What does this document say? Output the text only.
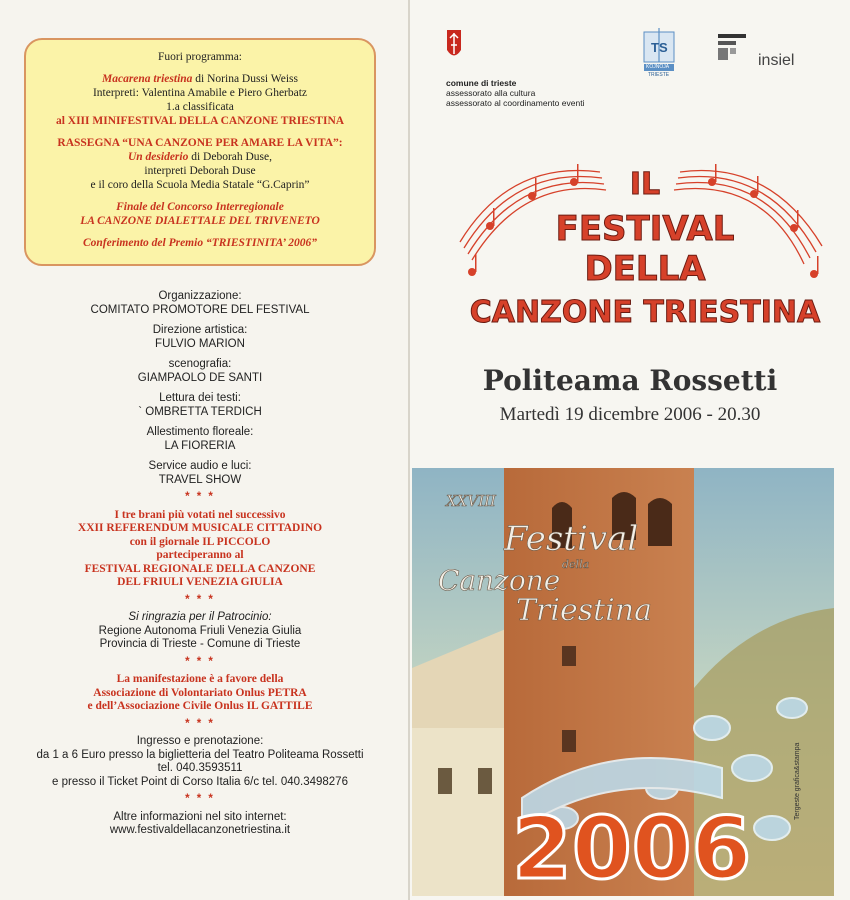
Fuori programma:
Macarena triestina di Norina Dussi Weiss
Interpreti: Valentina Amabile e Piero Gherbatz
1.a classificata
al XIII MINIFESTIVAL DELLA CANZONE TRIESTINA
RASSEGNA “UNA CANZONE PER AMARE LA VITA”:
Un desiderio di Deborah Duse,
interpreti Deborah Duse
e il coro della Scuola Media Statale “G.Caprin”
Finale del Concorso Interregionale
LA CANZONE DIALETTALE DEL TRIVENETO
Conferimento del Premio “TRIESTINITA’ 2006”
Organizzazione:
COMITATO PROMOTORE DEL FESTIVAL
Direzione artistica:
FULVIO MARION
scenografia:
GIAMPAOLO DE SANTI
Lettura dei testi:
` OMBRETTA TERDICH
Allestimento floreale:
LA FIORERIA
Service audio e luci:
TRAVEL SHOW
* * *
I tre brani più votati nel successivo
XXII REFERENDUM MUSICALE CITTADINO
con il giornale IL PICCOLO
parteciperanno al
FESTIVAL REGIONALE DELLA CANZONE
DEL FRIULI VENEZIA GIULIA
* * *
Si ringrazia per il Patrocinio:
Regione Autonoma Friuli Venezia Giulia
Provincia di Trieste - Comune di Trieste
* * *
La manifestazione è a favore della
Associazione di Volontariato Onlus PETRA
e dell’Associazione Civile Onlus IL GATTILE
* * *
Ingresso e prenotazione:
da 1 a 6 Euro presso la biglietteria del Teatro Politeama Rossetti
tel. 040.3593511
e presso il Ticket Point di Corso Italia 6/c tel. 040.3498276
* * *
Altre informazioni nel sito internet:
www.festivaldellacanzonetriestina.it
comune di trieste
assessorato alla cultura
assessorato al coordinamento eventi
TS
KOJNOJA
TRIESTE
insiel
IL
FESTIVAL
DELLA
CANZONE TRIESTINA
Politeama Rossetti
Martedì 19 dicembre 2006 - 20.30
XXVIII
Festival
della
Canzone
Triestina
2006
Tergeste grafica&stampa
